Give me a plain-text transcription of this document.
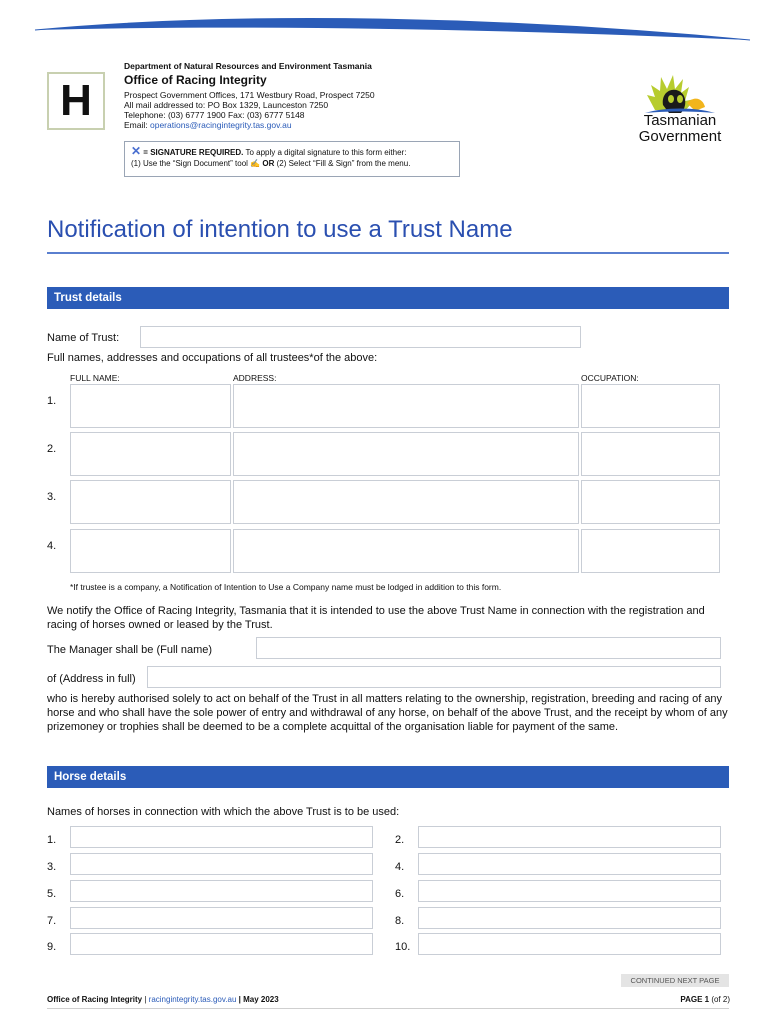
H
Department of Natural Resources and Environment Tasmania
Office of Racing Integrity
Prospect Government Offices, 171 Westbury Road, Prospect 7250
All mail addressed to: PO Box 1329, Launceston 7250
Telephone: (03) 6777 1900 Fax: (03) 6777 5148
Email: operations@racingintegrity.tas.gov.au
✕ = SIGNATURE REQUIRED. To apply a digital signature to this form either:
(1) Use the “Sign Document” tool ✍ OR (2) Select “Fill & Sign” from the menu.
Tasmanian
Government
Notification of intention to use a Trust Name
Trust details
Name of Trust:
Full names, addresses and occupations of all trustees*of the above:
FULL NAME:	ADDRESS:	OCCUPATION:
1.
2.
3.
4.
*If trustee is a company, a Notification of Intention to Use a Company name must be lodged in addition to this form.
We notify the Office of Racing Integrity, Tasmania that it is intended to use the above Trust Name in connection with the registration and racing of horses owned or leased by the Trust.
The Manager shall be (Full name)
of (Address in full)
who is hereby authorised solely to act on behalf of the Trust in all matters relating to the ownership, registration, breeding and racing of any horse and who shall have the sole power of entry and withdrawal of any horse, on behalf of the above Trust, and the receipt by whom of any prizemoney or trophies shall be deemed to be a complete acquittal of the organisation liable for payment of the same.
Horse details
Names of horses in connection with which the above Trust is to be used:
1.	2.
3.	4.
5.	6.
7.	8.
9.	10.
CONTINUED NEXT PAGE
Office of Racing Integrity | racingintegrity.tas.gov.au | May 2023	PAGE 1 (of 2)
